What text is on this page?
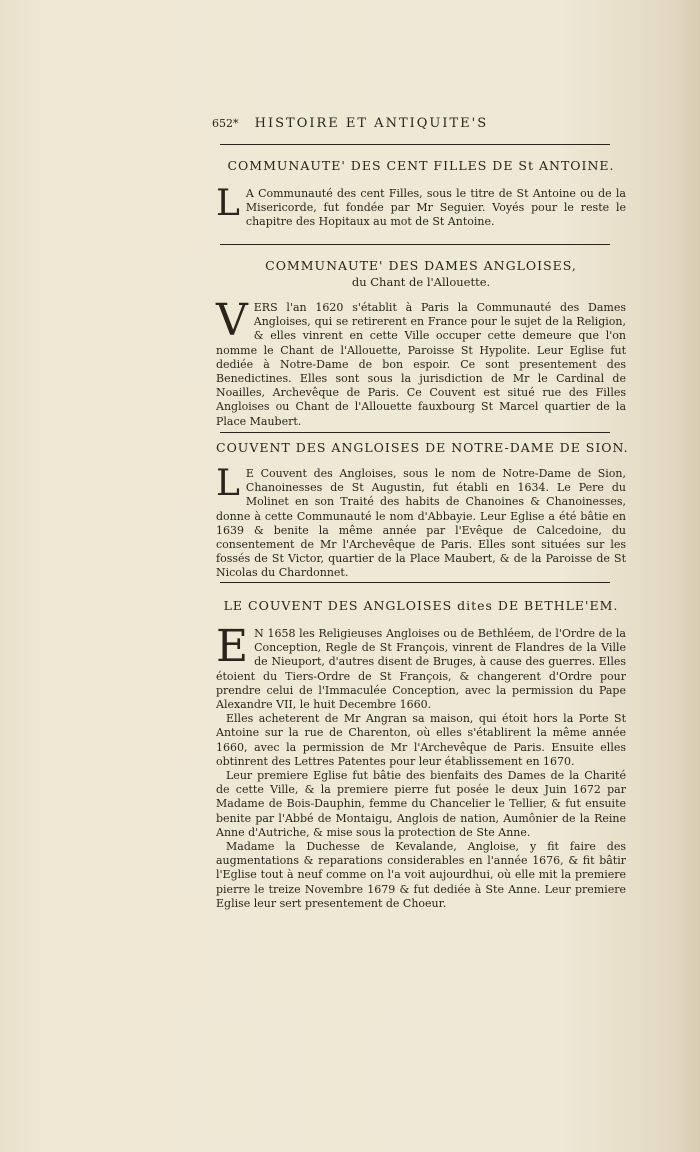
652* HISTOIRE ET ANTIQUITE'S
COMMUNAUTE' DES CENT FILLES DE St ANTOINE.
L A Communauté des cent Filles, sous le titre de St Antoine ou de la Misericorde, fut fondée par Mr Seguier. Voyés pour le reste le chapitre des Hopitaux au mot de St Antoine.

COMMUNAUTE' DES DAMES ANGLOISES,
du Chant de l'Allouette.
V ERS l'an 1620 s'établit à Paris la Communauté des Dames Angloises, qui se retirerent en France pour le sujet de la Religion, & elles vinrent en cette Ville occuper cette demeure que l'on nomme le Chant de l'Allouette, Paroisse St Hypolite. Leur Eglise fut dediée à Notre-Dame de bon espoir. Ce sont presentement des Benedictines. Elles sont sous la jurisdiction de Mr le Cardinal de Noailles, Archevêque de Paris. Ce Couvent est situé rue des Filles Angloises ou Chant de l'Allouette fauxbourg St Marcel quartier de la Place Maubert.

COUVENT DES ANGLOISES DE NOTRE-DAME DE SION.
L E Couvent des Angloises, sous le nom de Notre-Dame de Sion, Chanoinesses de St Augustin, fut établi en 1634. Le Pere du Molinet en son Traité des habits de Chanoines & Chanoinesses, donne à cette Communauté le nom d'Abbayie. Leur Eglise a été bâtie en 1639 & benite la même année par l'Evêque de Calcedoine, du consentement de Mr l'Archevêque de Paris. Elles sont situées sur les fossés de St Victor, quartier de la Place Maubert, & de la Paroisse de St Nicolas du Chardonnet.

LE COUVENT DES ANGLOISES dites DE BETHLE'EM.
E N 1658 les Religieuses Angloises ou de Bethléem, de l'Ordre de la Conception, Regle de St François, vinrent de Flandres de la Ville de Nieuport, d'autres disent de Bruges, à cause des guerres. Elles étoient du Tiers-Ordre de St François, & changerent d'Ordre pour prendre celui de l'Immaculée Conception, avec la permission du Pape Alexandre VII, le huit Decembre 1660.

Elles acheterent de Mr Angran sa maison, qui étoit hors la Porte St Antoine sur la rue de Charenton, où elles s'établirent la même année 1660, avec la permission de Mr l'Archevêque de Paris. Ensuite elles obtinrent des Lettres Patentes pour leur établissement en 1670.

Leur premiere Eglise fut bâtie des bienfaits des Dames de la Charité de cette Ville, & la premiere pierre fut posée le deux Juin 1672 par Madame de Bois-Dauphin, femme du Chancelier le Tellier, & fut ensuite benite par l'Abbé de Montaigu, Anglois de nation, Aumônier de la Reine Anne d'Autriche, & mise sous la protection de Ste Anne.

Madame la Duchesse de Kevalande, Angloise, y fit faire des augmentations & reparations considerables en l'année 1676, & fit bâtir l'Eglise tout à neuf comme on l'a voit aujourdhui, où elle mit la premiere pierre le treize Novembre 1679 & fut dediée à Ste Anne. Leur premiere Eglise leur sert presentement de Choeur.
